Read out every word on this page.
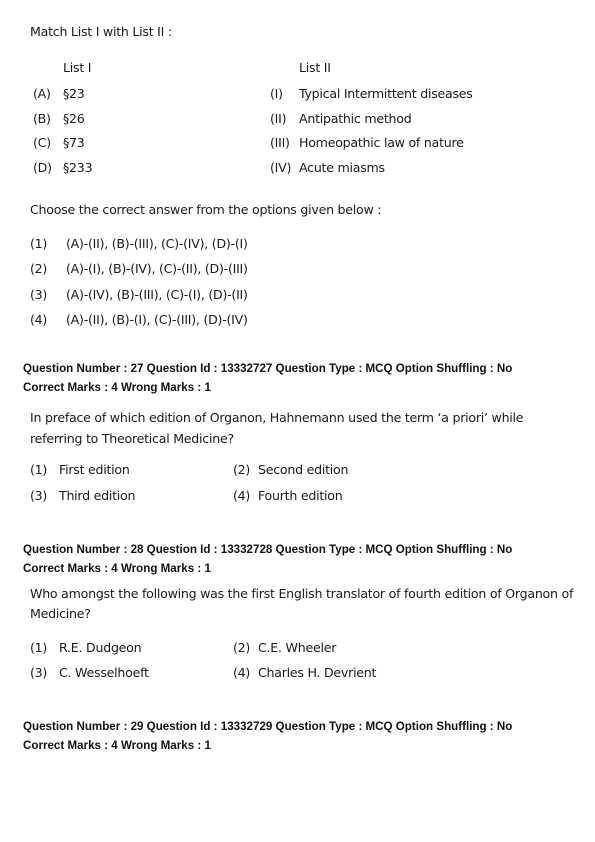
Match List I with List II :
List I	List II
(A) §23	(I) Typical Intermittent diseases
(B) §26	(II) Antipathic method
(C) §73	(III) Homeopathic law of nature
(D) §233	(IV) Acute miasms
Choose the correct answer from the options given below :
(1) (A)-(II), (B)-(III), (C)-(IV), (D)-(I)
(2) (A)-(I), (B)-(IV), (C)-(II), (D)-(III)
(3) (A)-(IV), (B)-(III), (C)-(I), (D)-(II)
(4) (A)-(II), (B)-(I), (C)-(III), (D)-(IV)
Question Number : 27 Question Id : 13332727 Question Type : MCQ Option Shuffling : No
Correct Marks : 4 Wrong Marks : 1
In preface of which edition of Organon, Hahnemann used the term ‘a priori’ while
referring to Theoretical Medicine?
(1) First edition	(2) Second edition
(3) Third edition	(4) Fourth edition
Question Number : 28 Question Id : 13332728 Question Type : MCQ Option Shuffling : No
Correct Marks : 4 Wrong Marks : 1
Who amongst the following was the first English translator of fourth edition of Organon of
Medicine?
(1) R.E. Dudgeon	(2) C.E. Wheeler
(3) C. Wesselhoeft	(4) Charles H. Devrient
Question Number : 29 Question Id : 13332729 Question Type : MCQ Option Shuffling : No
Correct Marks : 4 Wrong Marks : 1
